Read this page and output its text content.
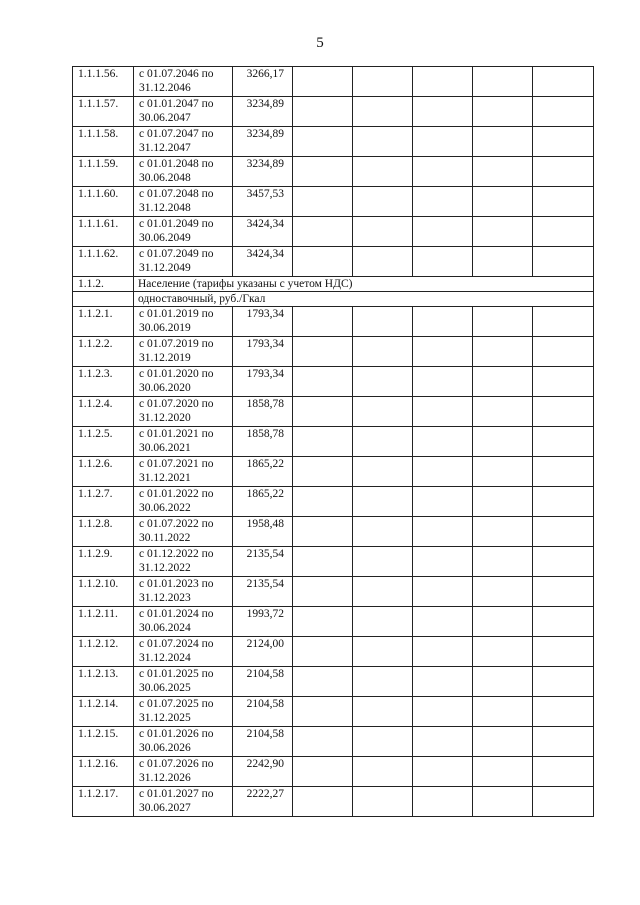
5
1.1.1.56.	с 01.07.2046 по 31.12.2046	3266,17					
1.1.1.57.	с 01.01.2047 по 30.06.2047	3234,89					
1.1.1.58.	с 01.07.2047 по 31.12.2047	3234,89					
1.1.1.59.	с 01.01.2048 по 30.06.2048	3234,89					
1.1.1.60.	с 01.07.2048 по 31.12.2048	3457,53					
1.1.1.61.	с 01.01.2049 по 30.06.2049	3424,34					
1.1.1.62.	с 01.07.2049 по 31.12.2049	3424,34					
1.1.2.	Население (тарифы указаны с учетом НДС)						
	одноставочный, руб./Гкал						
1.1.2.1.	с 01.01.2019 по 30.06.2019	1793,34					
1.1.2.2.	с 01.07.2019 по 31.12.2019	1793,34					
1.1.2.3.	с 01.01.2020 по 30.06.2020	1793,34					
1.1.2.4.	с 01.07.2020 по 31.12.2020	1858,78					
1.1.2.5.	с 01.01.2021 по 30.06.2021	1858,78					
1.1.2.6.	с 01.07.2021 по 31.12.2021	1865,22					
1.1.2.7.	с 01.01.2022 по 30.06.2022	1865,22					
1.1.2.8.	с 01.07.2022 по 30.11.2022	1958,48					
1.1.2.9.	с 01.12.2022 по 31.12.2022	2135,54					
1.1.2.10.	с 01.01.2023 по 31.12.2023	2135,54					
1.1.2.11.	с 01.01.2024 по 30.06.2024	1993,72					
1.1.2.12.	с 01.07.2024 по 31.12.2024	2124,00					
1.1.2.13.	с 01.01.2025 по 30.06.2025	2104,58					
1.1.2.14.	с 01.07.2025 по 31.12.2025	2104,58					
1.1.2.15.	с 01.01.2026 по 30.06.2026	2104,58					
1.1.2.16.	с 01.07.2026 по 31.12.2026	2242,90					
1.1.2.17.	с 01.01.2027 по 30.06.2027	2222,27					
